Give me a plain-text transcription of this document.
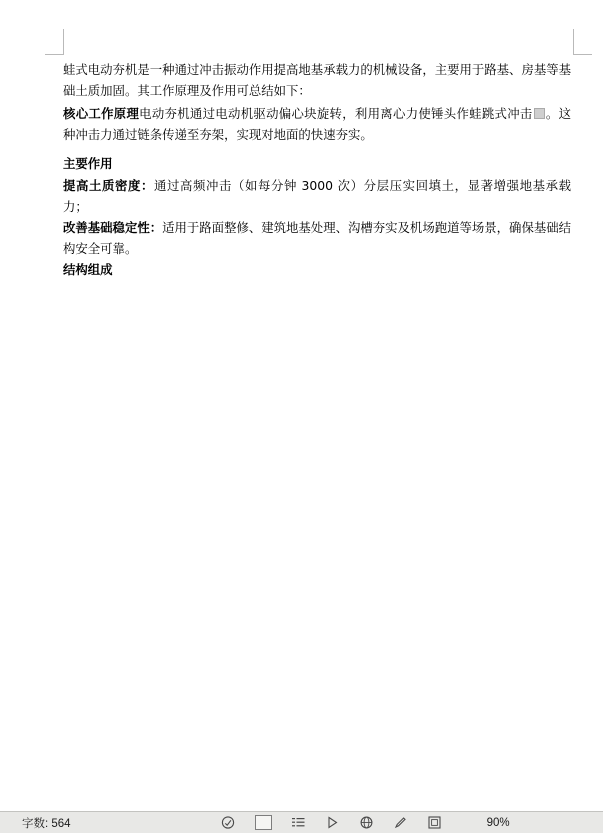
蛙式电动夯机是一种通过冲击振动作用提高地基承载力的机械设备，主要用于路基、房基等基础土质加固。其工作原理及作用可总结如下：

核心工作原理电动夯机通过电动机驱动偏心块旋转，利用离心力使锤头作蛙跳式冲击 。这种冲击力通过链条传递至夯架，实现对地面的快速夯实。

主要作用

提高土质密度：通过高频冲击（如每分钟 3000 次）分层压实回填土，显著增强地基承载力；

改善基础稳定性：适用于路面整修、建筑地基处理、沟槽夯实及机场跑道等场景，确保基础结构安全可靠。

结构组成

字数: 564	90%
